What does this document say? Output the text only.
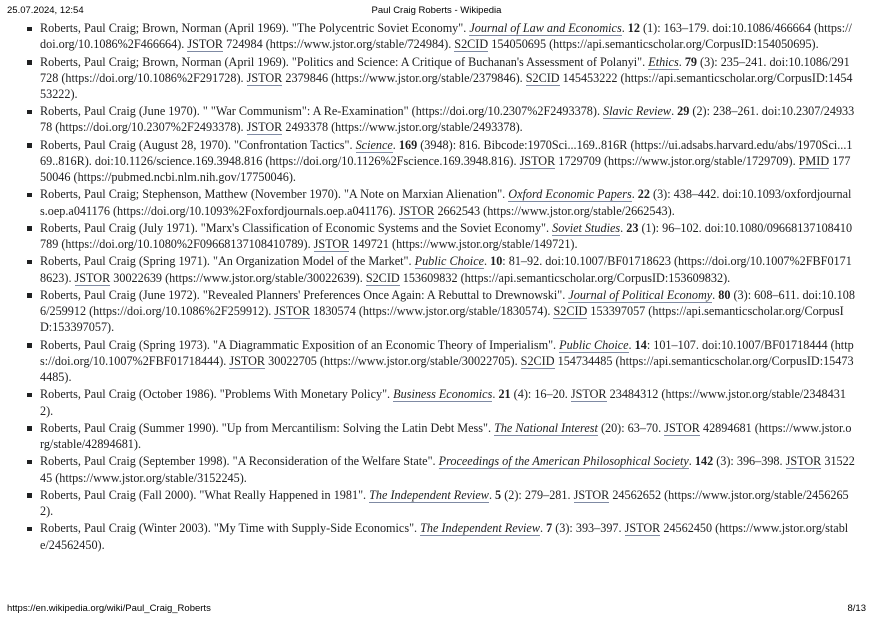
25.07.2024, 12:54	Paul Craig Roberts - Wikipedia
Roberts, Paul Craig; Brown, Norman (April 1969). "The Polycentric Soviet Economy". Journal of Law and Economics. 12 (1): 163–179. doi:10.1086/466664 (https://doi.org/10.1086%2F466664). JSTOR 724984 (https://www.jstor.org/stable/724984). S2CID 154050695 (https://api.semanticscholar.org/CorpusID:154050695).
Roberts, Paul Craig; Brown, Norman (April 1969). "Politics and Science: A Critique of Buchanan's Assessment of Polanyi". Ethics. 79 (3): 235–241. doi:10.1086/291728 (https://doi.org/10.1086%2F291728). JSTOR 2379846 (https://www.jstor.org/stable/2379846). S2CID 145453222 (https://api.semanticscholar.org/CorpusID:145453222).
Roberts, Paul Craig (June 1970). " "War Communism": A Re-Examination" (https://doi.org/10.2307%2F2493378). Slavic Review. 29 (2): 238–261. doi:10.2307/2493378 (https://doi.org/10.2307%2F2493378). JSTOR 2493378 (https://www.jstor.org/stable/2493378).
Roberts, Paul Craig (August 28, 1970). "Confrontation Tactics". Science. 169 (3948): 816. Bibcode:1970Sci...169..816R (https://ui.adsabs.harvard.edu/abs/1970Sci...169..816R). doi:10.1126/science.169.3948.816 (https://doi.org/10.1126%2Fscience.169.3948.816). JSTOR 1729709 (https://www.jstor.org/stable/1729709). PMID 17750046 (https://pubmed.ncbi.nlm.nih.gov/17750046).
Roberts, Paul Craig; Stephenson, Matthew (November 1970). "A Note on Marxian Alienation". Oxford Economic Papers. 22 (3): 438–442. doi:10.1093/oxfordjournals.oep.a041176 (https://doi.org/10.1093%2Foxfordjournals.oep.a041176). JSTOR 2662543 (https://www.jstor.org/stable/2662543).
Roberts, Paul Craig (July 1971). "Marx's Classification of Economic Systems and the Soviet Economy". Soviet Studies. 23 (1): 96–102. doi:10.1080/09668137108410789 (https://doi.org/10.1080%2F09668137108410789). JSTOR 149721 (https://www.jstor.org/stable/149721).
Roberts, Paul Craig (Spring 1971). "An Organization Model of the Market". Public Choice. 10: 81–92. doi:10.1007/BF01718623 (https://doi.org/10.1007%2FBF01718623). JSTOR 30022639 (https://www.jstor.org/stable/30022639). S2CID 153609832 (https://api.semanticscholar.org/CorpusID:153609832).
Roberts, Paul Craig (June 1972). "Revealed Planners' Preferences Once Again: A Rebuttal to Drewnowski". Journal of Political Economy. 80 (3): 608–611. doi:10.1086/259912 (https://doi.org/10.1086%2F259912). JSTOR 1830574 (https://www.jstor.org/stable/1830574). S2CID 153397057 (https://api.semanticscholar.org/CorpusID:153397057).
Roberts, Paul Craig (Spring 1973). "A Diagrammatic Exposition of an Economic Theory of Imperialism". Public Choice. 14: 101–107. doi:10.1007/BF01718444 (https://doi.org/10.1007%2FBF01718444). JSTOR 30022705 (https://www.jstor.org/stable/30022705). S2CID 154734485 (https://api.semanticscholar.org/CorpusID:154734485).
Roberts, Paul Craig (October 1986). "Problems With Monetary Policy". Business Economics. 21 (4): 16–20. JSTOR 23484312 (https://www.jstor.org/stable/23484312).
Roberts, Paul Craig (Summer 1990). "Up from Mercantilism: Solving the Latin Debt Mess". The National Interest (20): 63–70. JSTOR 42894681 (https://www.jstor.org/stable/42894681).
Roberts, Paul Craig (September 1998). "A Reconsideration of the Welfare State". Proceedings of the American Philosophical Society. 142 (3): 396–398. JSTOR 3152245 (https://www.jstor.org/stable/3152245).
Roberts, Paul Craig (Fall 2000). "What Really Happened in 1981". The Independent Review. 5 (2): 279–281. JSTOR 24562652 (https://www.jstor.org/stable/24562652).
Roberts, Paul Craig (Winter 2003). "My Time with Supply-Side Economics". The Independent Review. 7 (3): 393–397. JSTOR 24562450 (https://www.jstor.org/stable/24562450).
https://en.wikipedia.org/wiki/Paul_Craig_Roberts	8/13
